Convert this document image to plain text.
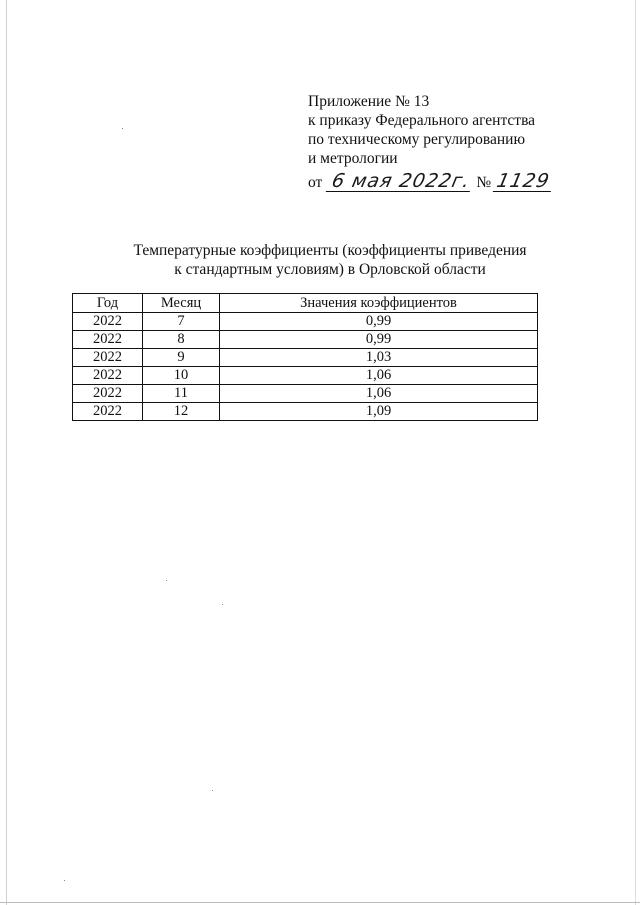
Приложение № 13
к приказу Федерального агентства
по техническому регулированию
и метрологии
от 6 мая 2022г. № 1129
Температурные коэффициенты (коэффициенты приведения
к стандартным условиям) в Орловской области
Год	Месяц	Значения коэффициентов
2022	7	0,99
2022	8	0,99
2022	9	1,03
2022	10	1,06
2022	11	1,06
2022	12	1,09
